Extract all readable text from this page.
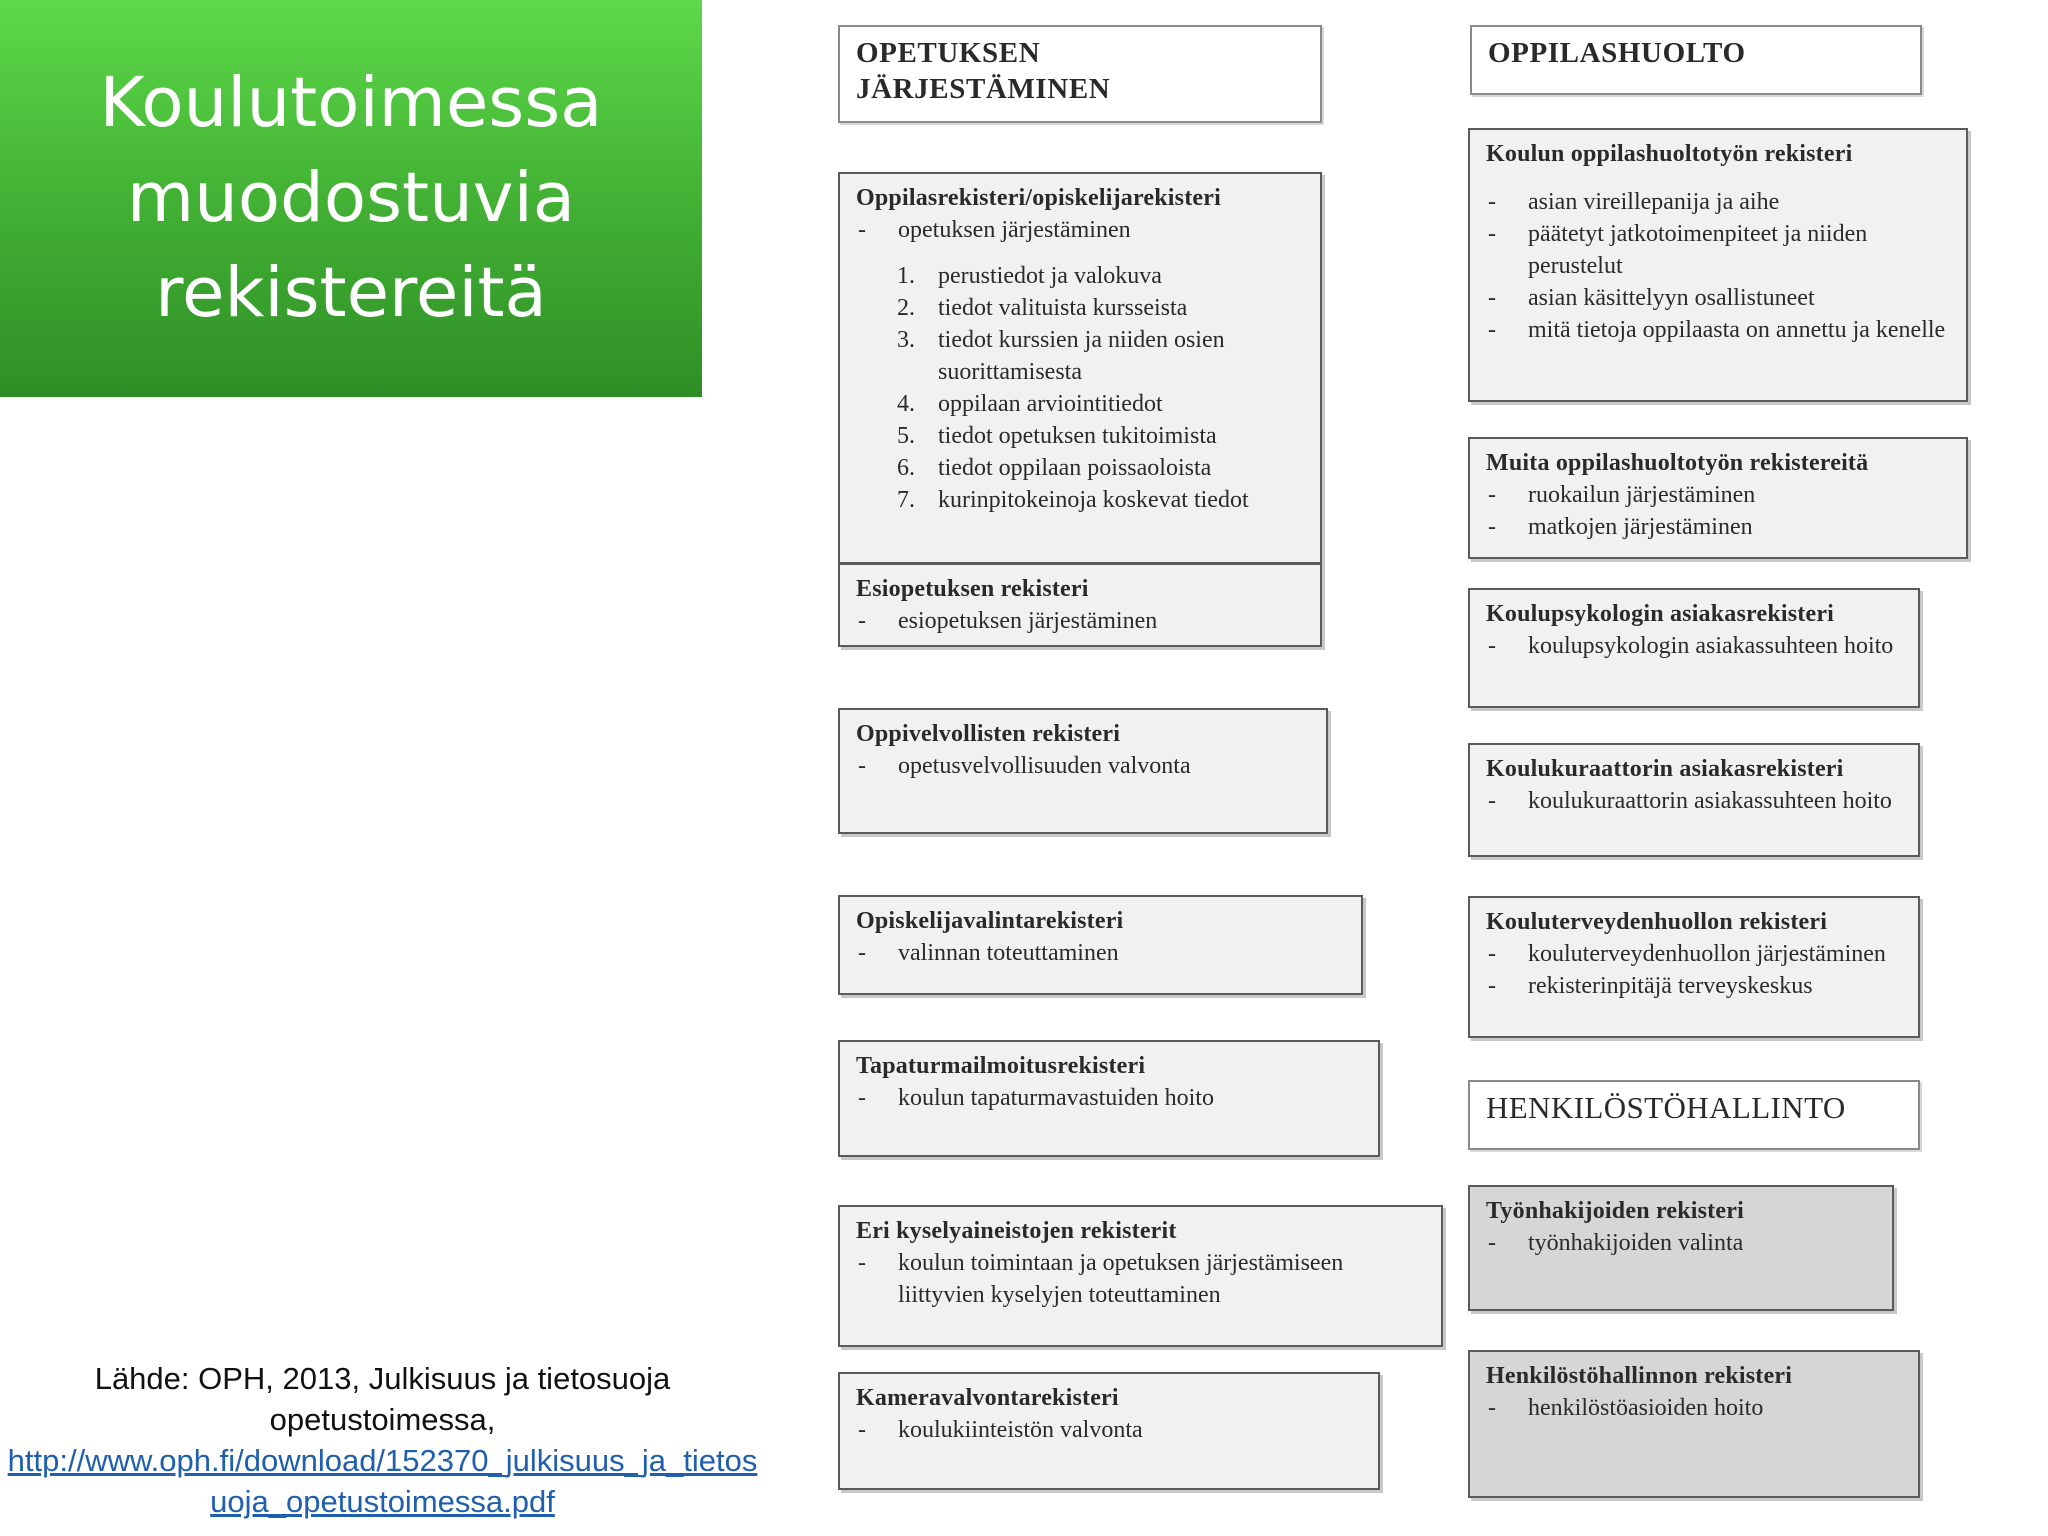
Koulutoimessa
muodostuvia
rekistereitä
Lähde: OPH, 2013, Julkisuus ja tietosuoja opetustoimessa,
http://www.oph.fi/download/152370_julkisuus_ja_tietosuoja_opetustoimessa.pdf
OPETUKSEN
JÄRJESTÄMINEN
Oppilasrekisteri/opiskelijarekisteri
- opetuksen järjestäminen
1. perustiedot ja valokuva
2. tiedot valituista kursseista
3. tiedot kurssien ja niiden osien suorittamisesta
4. oppilaan arviointitiedot
5. tiedot opetuksen tukitoimista
6. tiedot oppilaan poissaoloista
7. kurinpitokeinoja koskevat tiedot
Esiopetuksen rekisteri
- esiopetuksen järjestäminen
Oppivelvollisten rekisteri
- opetusvelvollisuuden valvonta
Opiskelijavalintarekisteri
- valinnan toteuttaminen
Tapaturmailmoitusrekisteri
- koulun tapaturmavastuiden hoito
Eri kyselyaineistojen rekisterit
- koulun toimintaan ja opetuksen järjestämiseen liittyvien kyselyjen toteuttaminen
Kameravalvontarekisteri
- koulukiinteistön valvonta
OPPILASHUOLTO
Koulun oppilashuoltotyön rekisteri
- asian vireillepanija ja aihe
- päätetyt jatkotoimenpiteet ja niiden perustelut
- asian käsittelyyn osallistuneet
- mitä tietoja oppilaasta on annettu ja kenelle
Muita oppilashuoltotyön rekistereitä
- ruokailun järjestäminen
- matkojen järjestäminen
Koulupsykologin asiakasrekisteri
- koulupsykologin asiakassuhteen hoito
Koulukuraattorin asiakasrekisteri
- koulukuraattorin asiakassuhteen hoito
Kouluterveydenhuollon rekisteri
- kouluterveydenhuollon järjestäminen
- rekisterinpitäjä terveyskeskus
HENKILÖSTÖHALLINTO
Työnhakijoiden rekisteri
- työnhakijoiden valinta
Henkilöstöhallinnon rekisteri
- henkilöstöasioiden hoito
